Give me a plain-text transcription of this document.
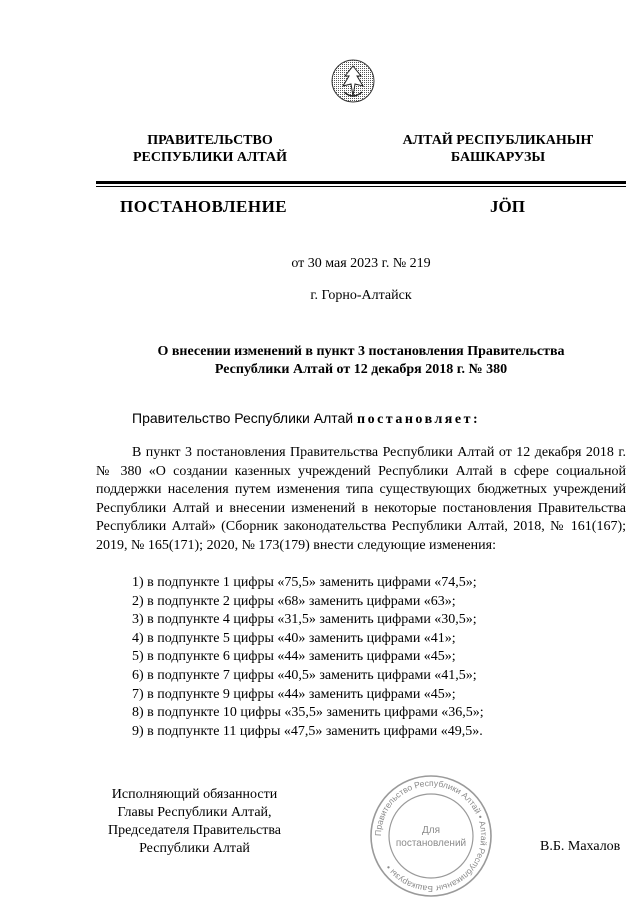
ПРАВИТЕЛЬСТВО
РЕСПУБЛИКИ АЛТАЙ
АЛТАЙ РЕСПУБЛИКАНЫҤ
БАШКАРУЗЫ
ПОСТАНОВЛЕНИЕ	JÖП
от 30 мая 2023 г. № 219
г. Горно-Алтайск
О внесении изменений в пункт 3 постановления Правительства
Республики Алтай от 12 декабря 2018 г. № 380
Правительство Республики Алтай постановляет:
В пункт 3 постановления Правительства Республики Алтай от 12 декабря 2018 г. № 380 «О создании казенных учреждений Республики Алтай в сфере социальной поддержки населения путем изменения типа существующих бюджетных учреждений Республики Алтай и внесении изменений в некоторые постановления Правительства Республики Алтай» (Сборник законодательства Республики Алтай, 2018, № 161(167); 2019, № 165(171); 2020, № 173(179) внести следующие изменения:
1) в подпункте 1 цифры «75,5» заменить цифрами «74,5»;
2) в подпункте 2 цифры «68» заменить цифрами «63»;
3) в подпункте 4 цифры «31,5» заменить цифрами «30,5»;
4) в подпункте 5 цифры «40» заменить цифрами «41»;
5) в подпункте 6 цифры «44» заменить цифрами «45»;
6) в подпункте 7 цифры «40,5» заменить цифрами «41,5»;
7) в подпункте 9 цифры «44» заменить цифрами «45»;
8) в подпункте 10 цифры «35,5» заменить цифрами «36,5»;
9) в подпункте 11 цифры «47,5» заменить цифрами «49,5».
Исполняющий обязанности
Главы Республики Алтай,
Председателя Правительства
Республики Алтай
Правительство Республики Алтай • Алтай Республиканыҥ Башкарузы •
Для
постановлений	В.Б. Махалов
